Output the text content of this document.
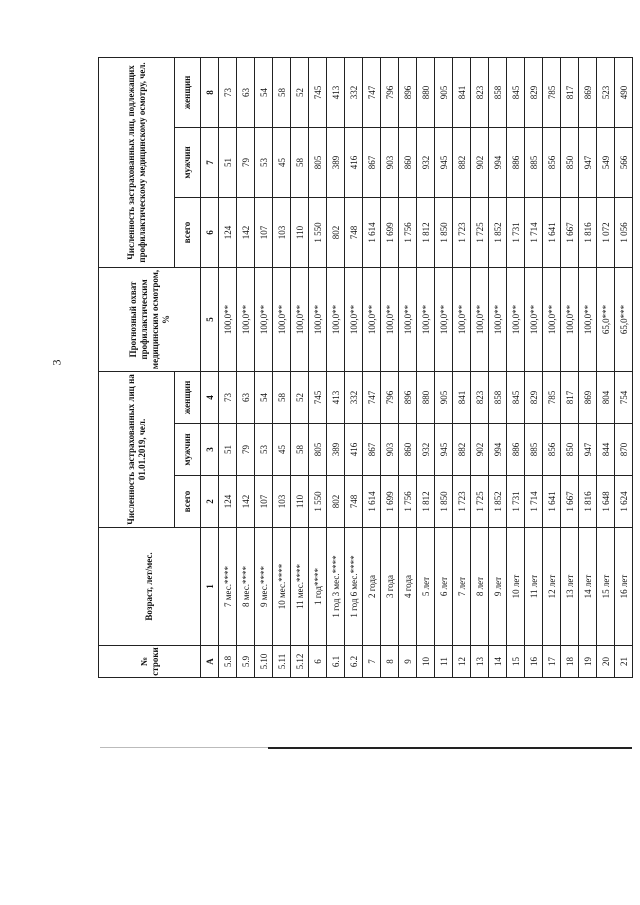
3
№ строки	Возраст, лет/мес.	Численность застрахованных лиц на 01.01.2019, чел.			Прогнозный охват профилактическим медицинским осмотром, %	Численность застрахованных лиц, подлежащих профилактическому медицинскому осмотру, чел.		
		всего	мужчин	женщин		всего	мужчин	женщин
А	1	2	3	4	5	6	7	8
5.8	7 мес.****	124	51	73	100,0**	124	51	73
5.9	8 мес.****	142	79	63	100,0**	142	79	63
5.10	9 мес.****	107	53	54	100,0**	107	53	54
5.11	10 мес.****	103	45	58	100,0**	103	45	58
5.12	11 мес.****	110	58	52	100,0**	110	58	52
6	1 год****	1 550	805	745	100,0**	1 550	805	745
6.1	1 год 3 мес.****	802	389	413	100,0**	802	389	413
6.2	1 год 6 мес.****	748	416	332	100,0**	748	416	332
7	2 года	1 614	867	747	100,0**	1 614	867	747
8	3 года	1 699	903	796	100,0**	1 699	903	796
9	4 года	1 756	860	896	100,0**	1 756	860	896
10	5 лет	1 812	932	880	100,0**	1 812	932	880
11	6 лет	1 850	945	905	100,0**	1 850	945	905
12	7 лет	1 723	882	841	100,0**	1 723	882	841
13	8 лет	1 725	902	823	100,0**	1 725	902	823
14	9 лет	1 852	994	858	100,0**	1 852	994	858
15	10 лет	1 731	886	845	100,0**	1 731	886	845
16	11 лет	1 714	885	829	100,0**	1 714	885	829
17	12 лет	1 641	856	785	100,0**	1 641	856	785
18	13 лет	1 667	850	817	100,0**	1 667	850	817
19	14 лет	1 816	947	869	100,0**	1 816	947	869
20	15 лет	1 648	844	804	65,0***	1 072	549	523
21	16 лет	1 624	870	754	65,0***	1 056	566	490
